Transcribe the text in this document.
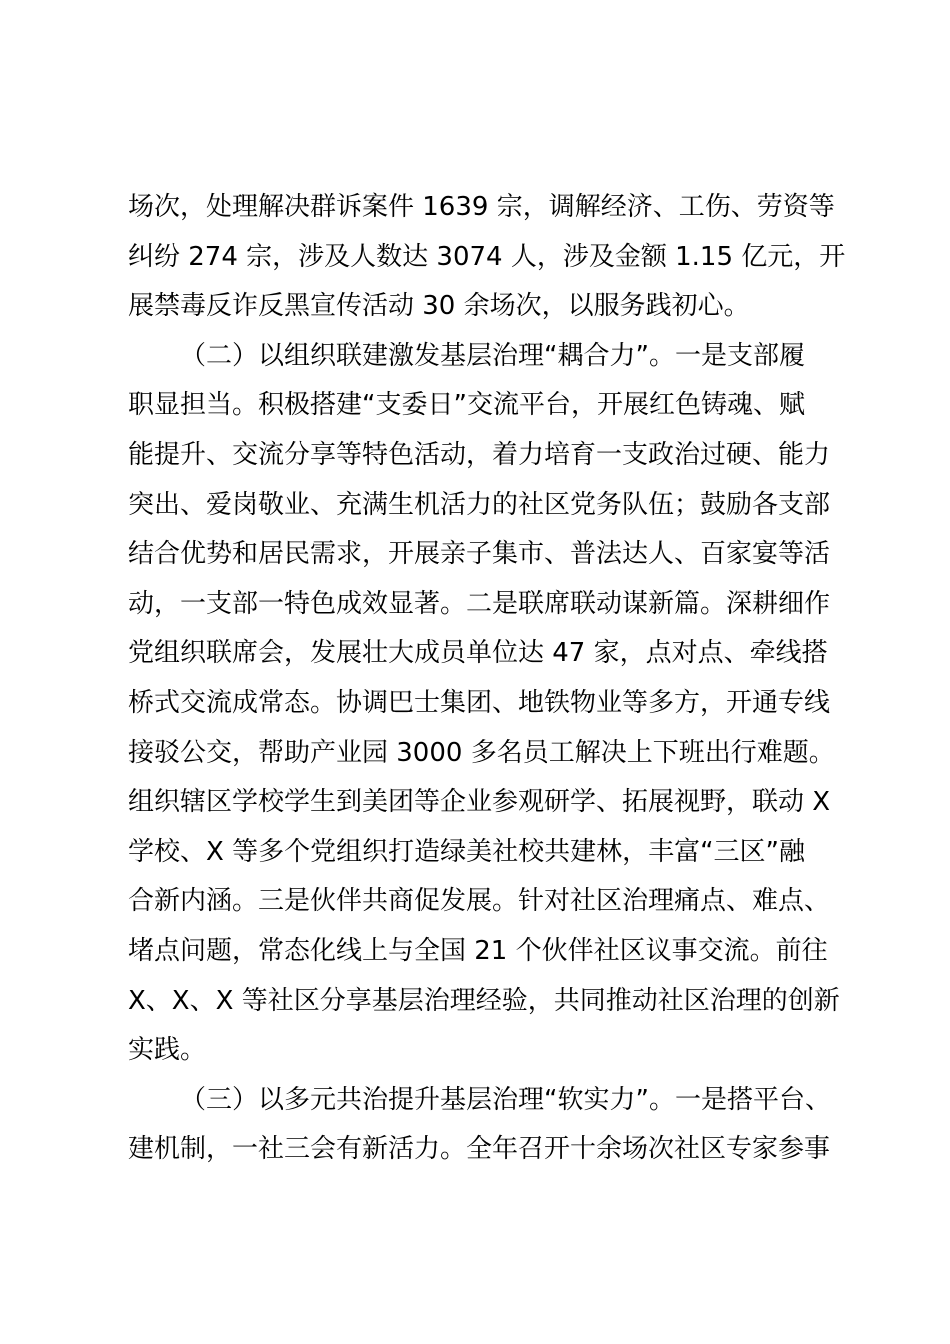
场次，处理解决群诉案件 1639 宗，调解经济、工伤、劳资等
纠纷 274 宗，涉及人数达 3074 人，涉及金额 1.15 亿元，开
展禁毒反诈反黑宣传活动 30 余场次，以服务践初心。
（二）以组织联建激发基层治理“耦合力”。一是支部履
职显担当。积极搭建“支委日”交流平台，开展红色铸魂、赋
能提升、交流分享等特色活动，着力培育一支政治过硬、能力
突出、爱岗敬业、充满生机活力的社区党务队伍；鼓励各支部
结合优势和居民需求，开展亲子集市、普法达人、百家宴等活
动，一支部一特色成效显著。二是联席联动谋新篇。深耕细作
党组织联席会，发展壮大成员单位达 47 家，点对点、牵线搭
桥式交流成常态。协调巴士集团、地铁物业等多方，开通专线
接驳公交，帮助产业园 3000 多名员工解决上下班出行难题。
组织辖区学校学生到美团等企业参观研学、拓展视野，联动 X
学校、X 等多个党组织打造绿美社校共建林，丰富“三区”融
合新内涵。三是伙伴共商促发展。针对社区治理痛点、难点、
堵点问题，常态化线上与全国 21 个伙伴社区议事交流。前往
X、X、X 等社区分享基层治理经验，共同推动社区治理的创新
实践。
（三）以多元共治提升基层治理“软实力”。一是搭平台、
建机制，一社三会有新活力。全年召开十余场次社区专家参事
